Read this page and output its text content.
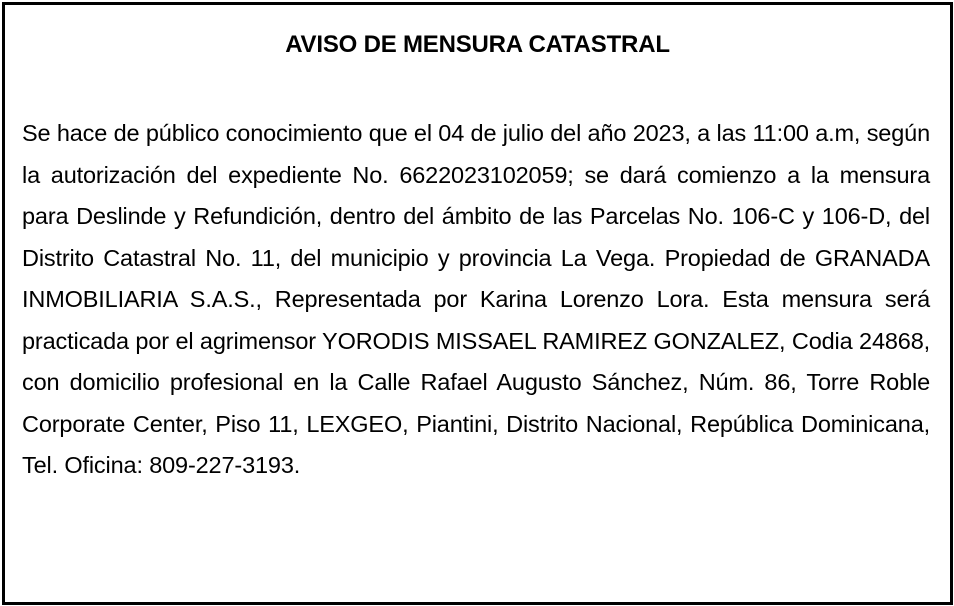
AVISO DE MENSURA CATASTRAL

Se hace de público conocimiento que el 04 de julio del año 2023, a las 11:00 a.m, según la autorización del expediente No. 6622023102059; se dará comienzo a la mensura para Deslinde y Refundición, dentro del ámbito de las Parcelas No. 106-C y 106-D, del Distrito Catastral No. 11, del municipio y provincia La Vega. Propiedad de GRANADA INMOBILIARIA S.A.S., Representada por Karina Lorenzo Lora. Esta mensura será practicada por el agrimensor YORODIS MISSAEL RAMIREZ GONZALEZ, Codia 24868, con domicilio profesional en la Calle Rafael Augusto Sánchez, Núm. 86, Torre Roble Corporate Center, Piso 11, LEXGEO, Piantini, Distrito Nacional, República Dominicana, Tel. Oficina: 809-227-3193.
